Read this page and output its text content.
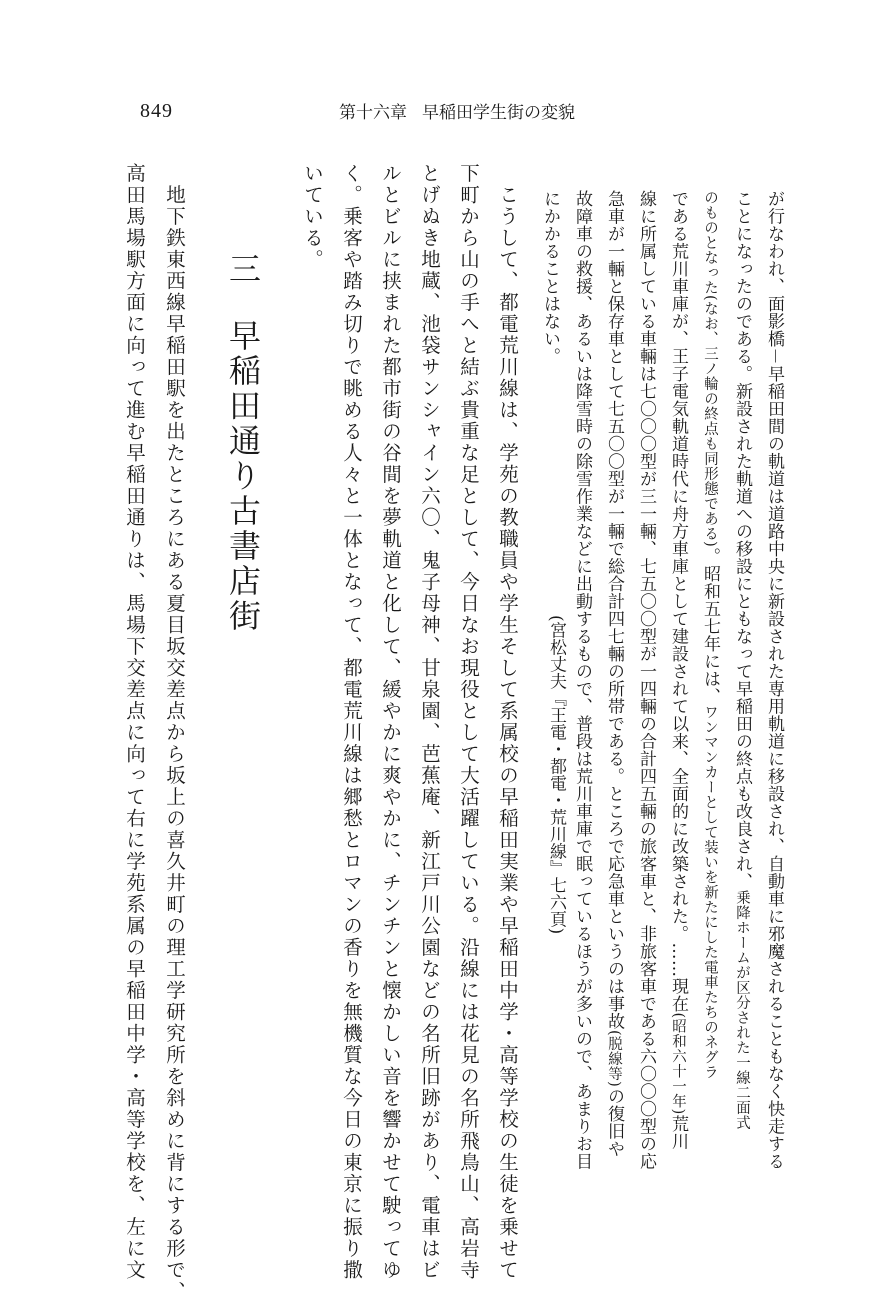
849	第十六章 早稲田学生街の変貌
が行なわれ、面影橋－早稲田間の軌道は道路中央に新設された専用軌道に移設され、自動車に邪魔されることもなく快走する
ことになったのである。新設された軌道への移設にともなって早稲田の終点も改良され、乗降ホームが区分された一線二面式
のものとなった(なお、三ノ輪の終点も同形態である)。昭和五七年には、ワンマンカーとして装いを新たにした電車たちのネグラ
である荒川車庫が、王子電気軌道時代に舟方車庫として建設されて以来、全面的に改築された。……現在(昭和六十一年)荒川
線に所属している車輛は七〇〇〇型が三一輛、七五〇〇型が一四輛の合計四五輛の旅客車と、非旅客車である六〇〇〇型の応
急車が一輛と保存車として七五〇〇型が一輛で総合計四七輛の所帯である。ところで応急車というのは事故(脱線等)の復旧や
故障車の救援、あるいは降雪時の除雪作業などに出動するもので、普段は荒川車庫で眠っているほうが多いので、あまりお目
にかかることはない。
(宮松丈夫『王電・都電・荒川線』七六頁)
　こうして、都電荒川線は、学苑の教職員や学生そして系属校の早稲田実業や早稲田中学・高等学校の生徒を乗せて
下町から山の手へと結ぶ貴重な足として、今日なお現役として大活躍している。沿線には花見の名所飛鳥山、高岩寺
とげぬき地蔵、池袋サンシャイン六〇、鬼子母神、甘泉園、芭蕉庵、新江戸川公園などの名所旧跡があり、電車はビ
ルとビルに挟まれた都市街の谷間を夢軌道と化して、緩やかに爽やかに、チンチンと懐かしい音を響かせて駛ってゆ
く。乗客や踏み切りで眺める人々と一体となって、都電荒川線は郷愁とロマンの香りを無機質な今日の東京に振り撒
いている。
三早稲田通り古書店街
　地下鉄東西線早稲田駅を出たところにある夏目坂交差点から坂上の喜久井町の理工学研究所を斜めに背にする形で、
高田馬場駅方面に向って進む早稲田通りは、馬場下交差点に向って右に学苑系属の早稲田中学・高等学校を、左に文
